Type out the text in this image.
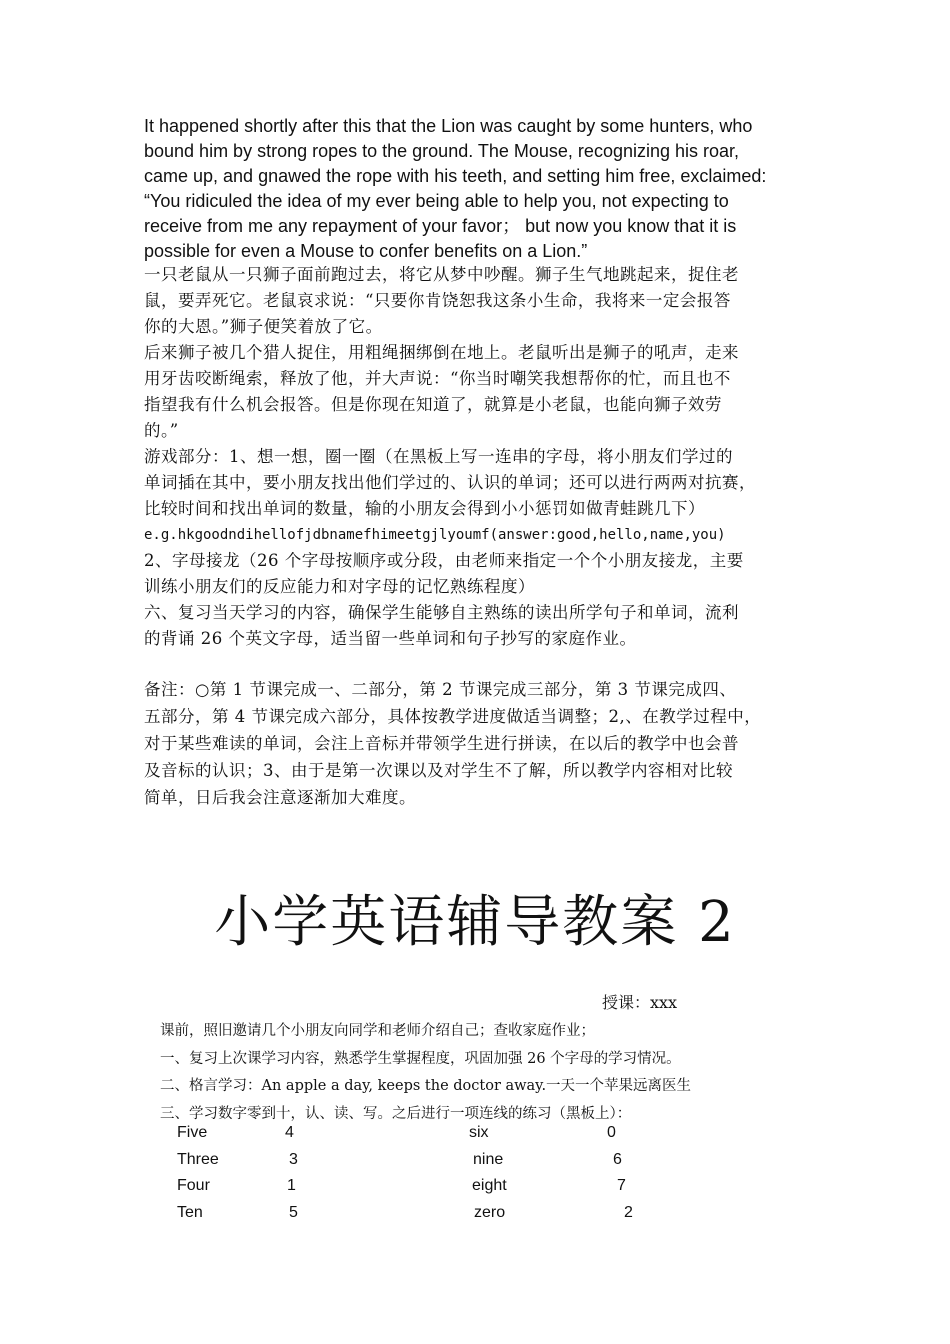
It happened shortly after this that the Lion was caught by some hunters, who

bound him by strong ropes to the ground. The Mouse, recognizing his roar,

came up, and gnawed the rope with his teeth, and setting him free, exclaimed:

“You ridiculed the idea of my ever being able to help you, not expecting to

receive from me any repayment of your favor； but now you know that it is

possible for even a Mouse to confer benefits on a Lion.”

一只老鼠从一只狮子面前跑过去，将它从梦中吵醒。狮子生气地跳起来，捉住老

鼠，要弄死它。老鼠哀求说：“只要你肯饶恕我这条小生命，我将来一定会报答

你的大恩。”狮子便笑着放了它。

后来狮子被几个猎人捉住，用粗绳捆绑倒在地上。老鼠听出是狮子的吼声，走来

用牙齿咬断绳索，释放了他，并大声说：“你当时嘲笑我想帮你的忙，而且也不

指望我有什么机会报答。但是你现在知道了，就算是小老鼠，也能向狮子效劳

的。”

游戏部分：1、想一想，圈一圈（在黑板上写一连串的字母，将小朋友们学过的

单词插在其中，要小朋友找出他们学过的、认识的单词；还可以进行两两对抗赛，

比较时间和找出单词的数量，输的小朋友会得到小小惩罚如做青蛙跳几下）

e.g.hkgoodndihellofjdbnamefhimeetgjlyoumf(answer:good,hello,name,you)

2、字母接龙（26 个字母按顺序或分段，由老师来指定一个个小朋友接龙，主要

训练小朋友们的反应能力和对字母的记忆熟练程度）

六、复习当天学习的内容，确保学生能够自主熟练的读出所学句子和单词，流利

的背诵 26 个英文字母，适当留一些单词和句子抄写的家庭作业。

备注：○第 1 节课完成一、二部分，第 2 节课完成三部分，第 3 节课完成四、

五部分，第 4 节课完成六部分，具体按教学进度做适当调整；2,、在教学过程中，

对于某些难读的单词，会注上音标并带领学生进行拼读，在以后的教学中也会普

及音标的认识；3、由于是第一次课以及对学生不了解，所以教学内容相对比较

简单，日后我会注意逐渐加大难度。

小学英语辅导教案 2
授课：xxx

课前，照旧邀请几个小朋友向同学和老师介绍自己；查收家庭作业；

一、复习上次课学习内容，熟悉学生掌握程度，巩固加强 26 个字母的学习情况。

二、格言学习：An apple a day, keeps the doctor away.一天一个苹果远离医生

三、学习数字零到十，认、读、写。之后进行一项连线的练习（黑板上）：

Five	4	six	0
Three	3	nine	6
Four	1	eight	7
Ten	5	zero	2
